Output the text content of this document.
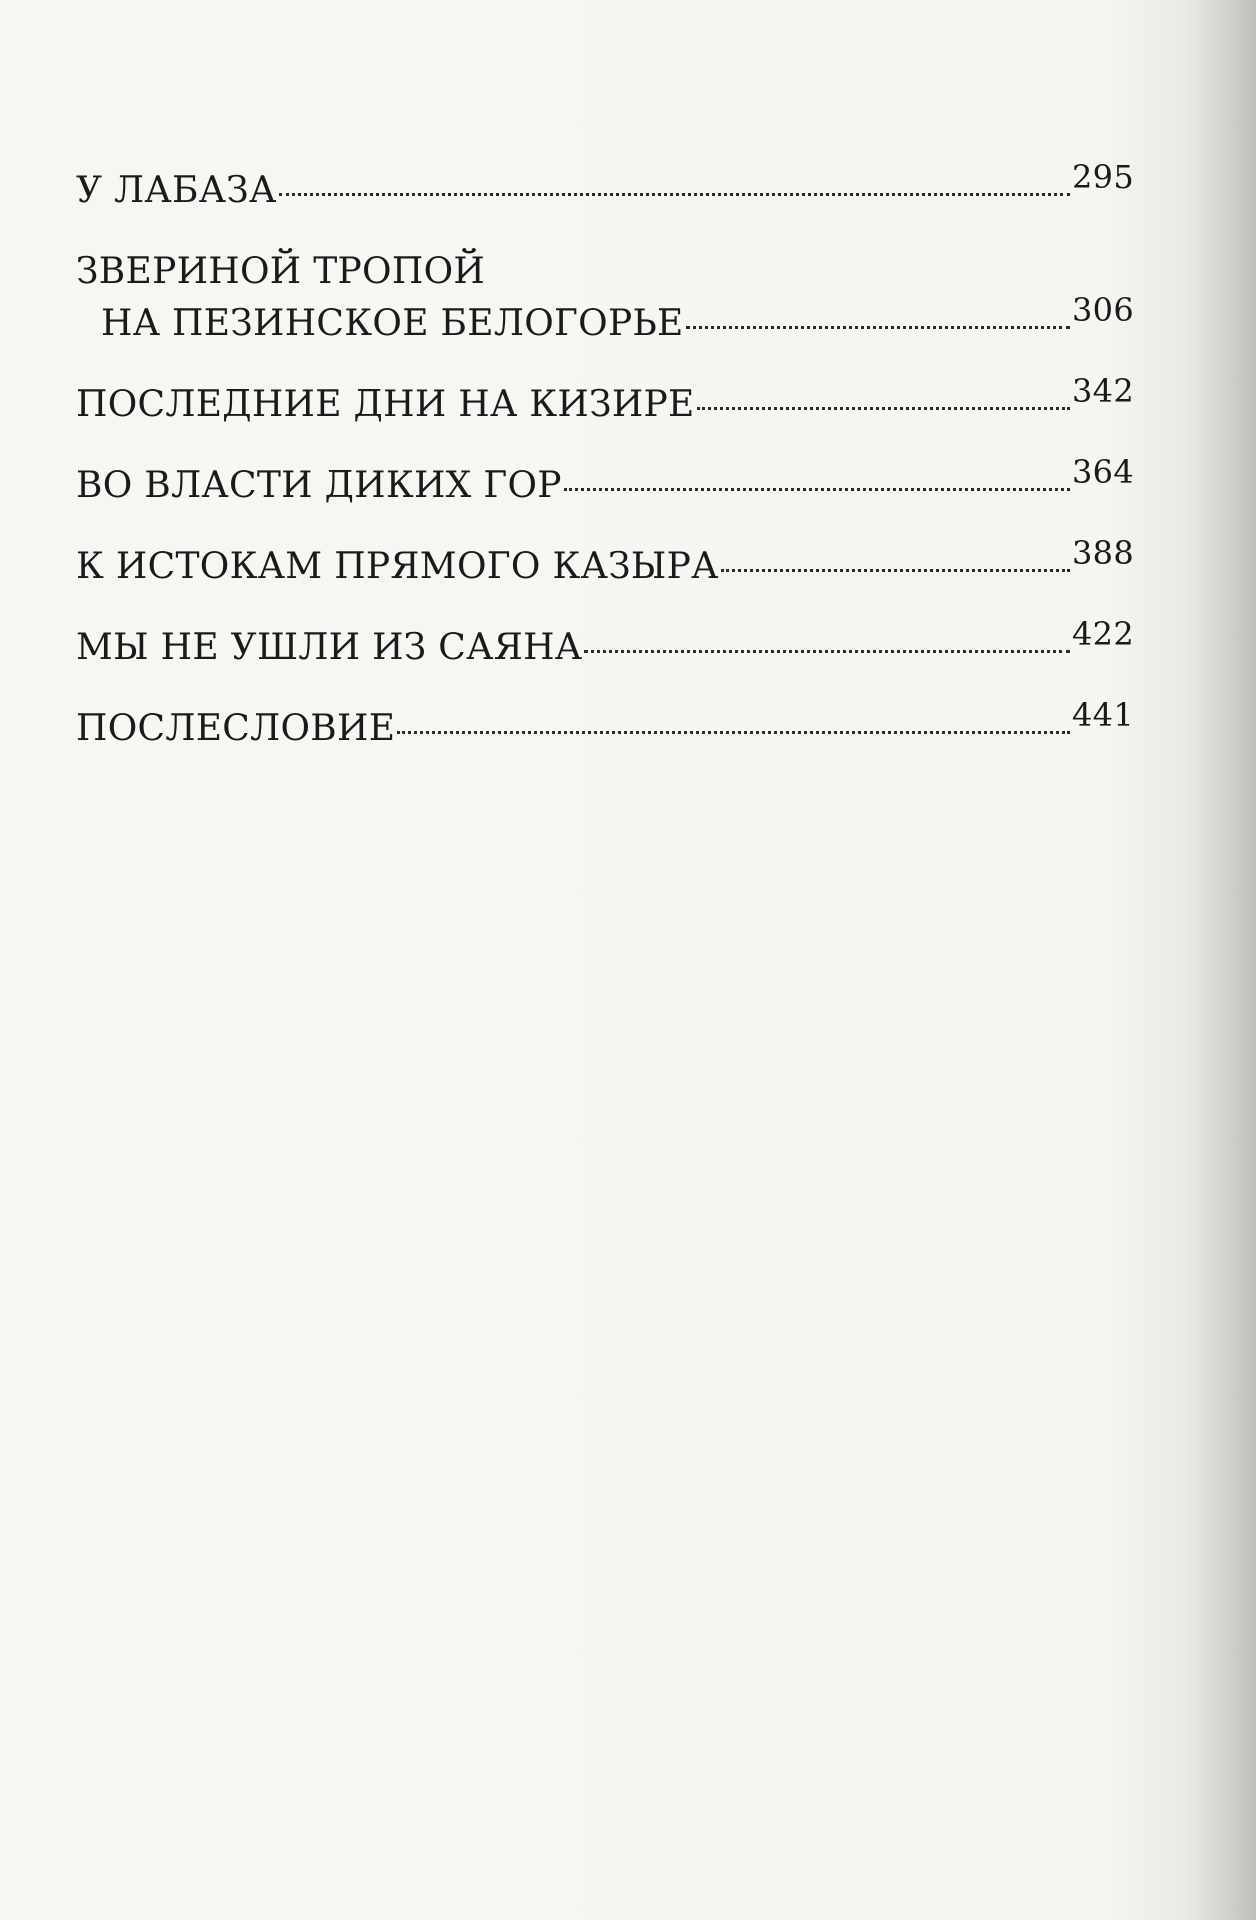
У ЛАБАЗА	295
ЗВЕРИНОЙ ТРОПОЙ
НА ПЕЗИНСКОЕ БЕЛОГОРЬЕ	306
ПОСЛЕДНИЕ ДНИ НА КИЗИРЕ	342
ВО ВЛАСТИ ДИКИХ ГОР	364
К ИСТОКАМ ПРЯМОГО КАЗЫРА	388
МЫ НЕ УШЛИ ИЗ САЯНА	422
ПОСЛЕСЛОВИЕ	441
